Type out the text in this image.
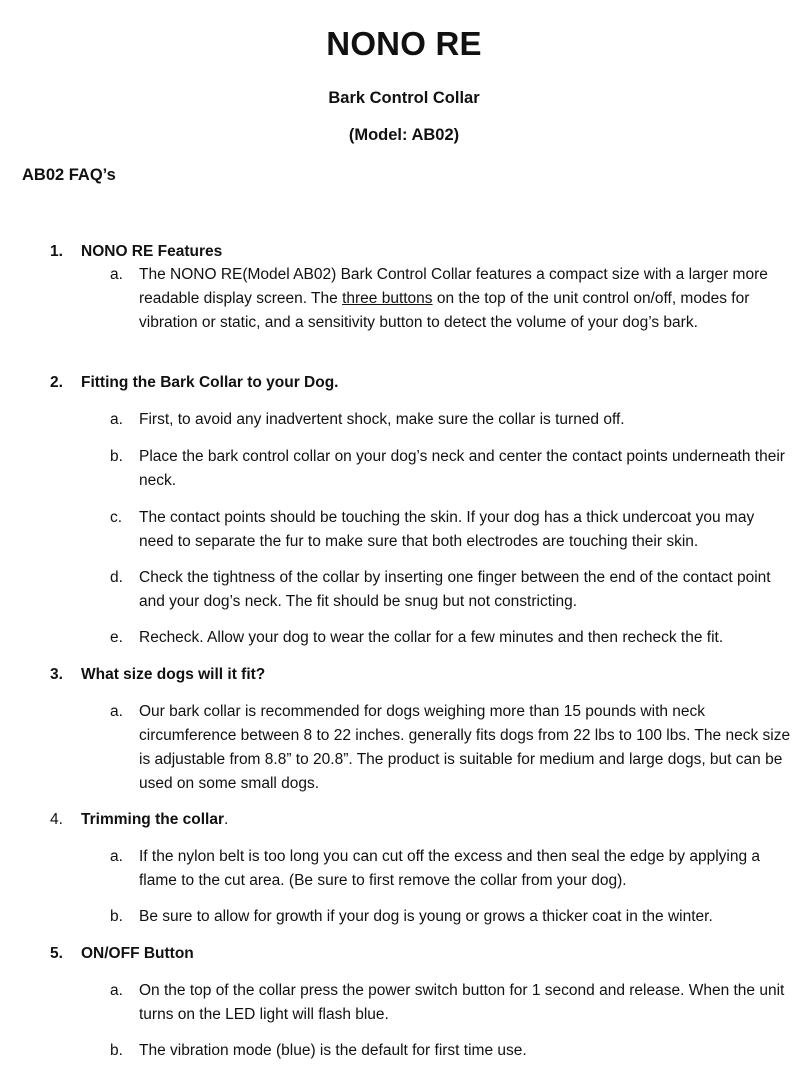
NONO RE
Bark Control Collar
(Model: AB02)
AB02 FAQ’s
1.	NONO RE Features
a.	The NONO RE(Model AB02) Bark Control Collar features a compact size with a larger more readable display screen. The three buttons on the top of the unit control on/off, modes for vibration or static, and a sensitivity button to detect the volume of your dog’s bark.
2.	Fitting the Bark Collar to your Dog.
a.	First, to avoid any inadvertent shock, make sure the collar is turned off.
b.	Place the bark control collar on your dog’s neck and center the contact points underneath their neck.
c.	The contact points should be touching the skin. If your dog has a thick undercoat you may need to separate the fur to make sure that both electrodes are touching their skin.
d.	Check the tightness of the collar by inserting one finger between the end of the contact point and your dog’s neck. The fit should be snug but not constricting.
e.	Recheck. Allow your dog to wear the collar for a few minutes and then recheck the fit.
3.	What size dogs will it fit?
a.	Our bark collar is recommended for dogs weighing more than 15 pounds with neck circumference between 8 to 22 inches. generally fits dogs from 22 lbs to 100 lbs. The neck size is adjustable from 8.8” to 20.8”. The product is suitable for medium and large dogs, but can be used on some small dogs.
4.	Trimming the collar.
a.	If the nylon belt is too long you can cut off the excess and then seal the edge by applying a flame to the cut area. (Be sure to first remove the collar from your dog).
b.	Be sure to allow for growth if your dog is young or grows a thicker coat in the winter.
5.	ON/OFF Button
a.	On the top of the collar press the power switch button for 1 second and release. When the unit turns on the LED light will flash blue.
b.	The vibration mode (blue) is the default for first time use.
